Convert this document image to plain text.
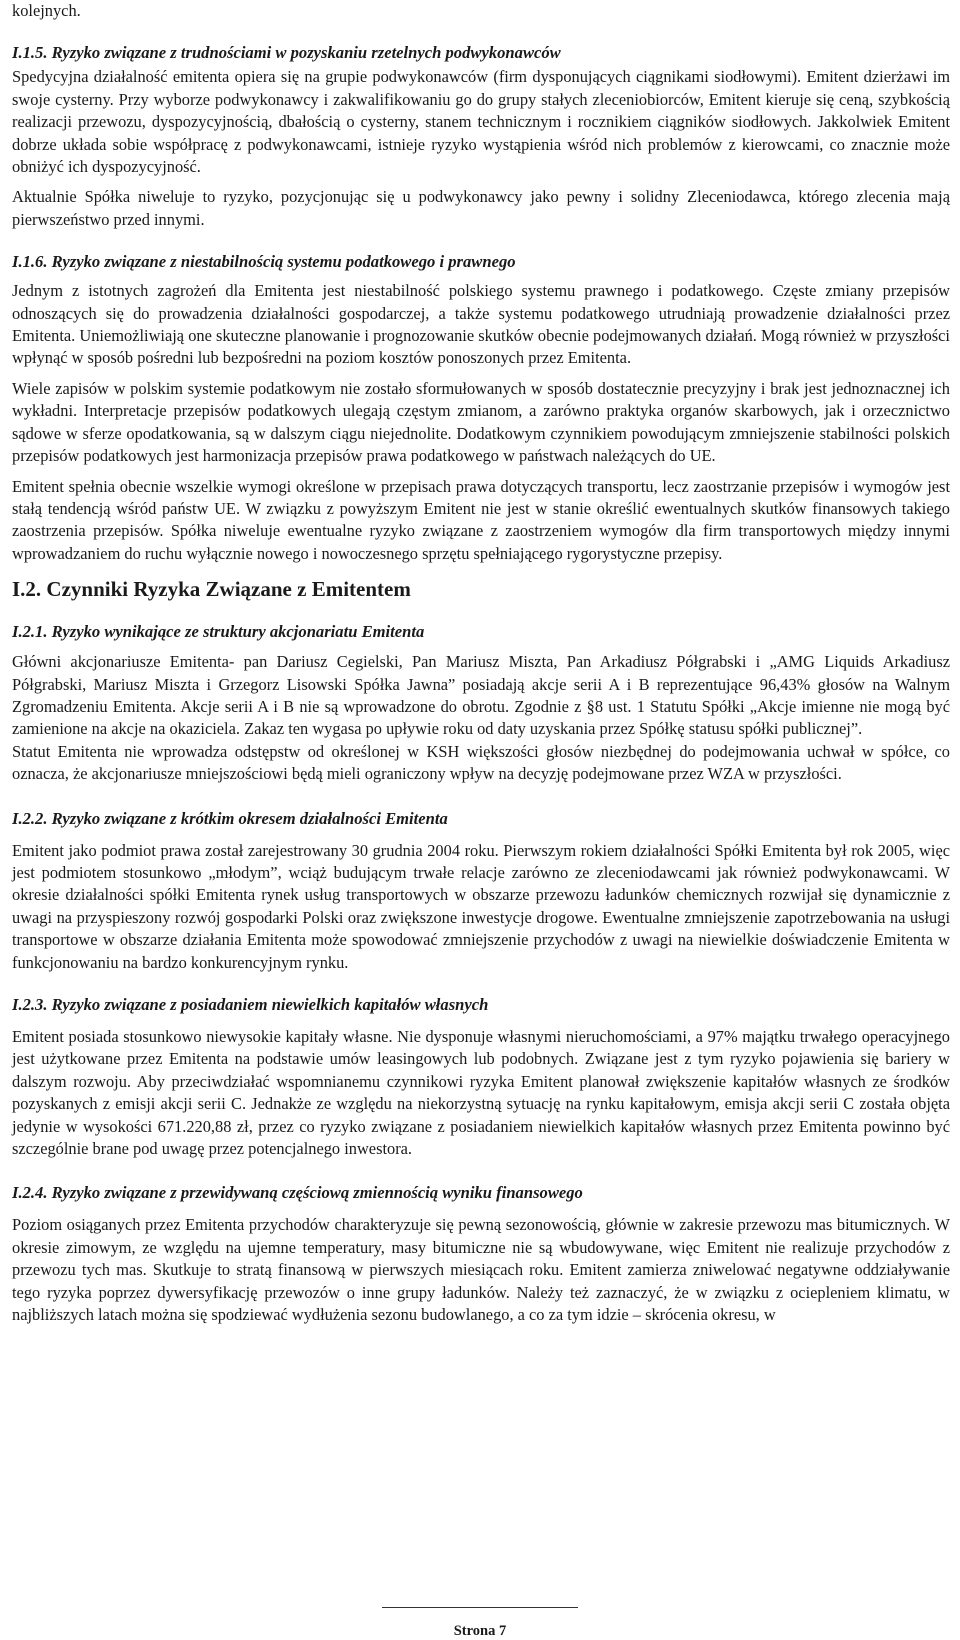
kolejnych.

I.1.5. Ryzyko związane z trudnościami w pozyskaniu rzetelnych podwykonawców

Spedycyjna działalność emitenta opiera się na grupie podwykonawców (firm dysponujących ciągnikami siodłowymi). Emitent dzierżawi im swoje cysterny. Przy wyborze podwykonawcy i zakwalifikowaniu go do grupy stałych zleceniobiorców, Emitent kieruje się ceną, szybkością realizacji przewozu, dyspozycyjnością, dbałością o cysterny, stanem technicznym i rocznikiem ciągników siodłowych. Jakkolwiek Emitent dobrze układa sobie współpracę z podwykonawcami, istnieje ryzyko wystąpienia wśród nich problemów z kierowcami, co znacznie może obniżyć ich dyspozycyjność.

Aktualnie Spółka niweluje to ryzyko, pozycjonując się u podwykonawcy jako pewny i solidny Zleceniodawca, którego zlecenia mają pierwszeństwo przed innymi.

I.1.6. Ryzyko związane z niestabilnością systemu podatkowego i prawnego

Jednym z istotnych zagrożeń dla Emitenta jest niestabilność polskiego systemu prawnego i podatkowego. Częste zmiany przepisów odnoszących się do prowadzenia działalności gospodarczej, a także systemu podatkowego utrudniają prowadzenie działalności przez Emitenta. Uniemożliwiają one skuteczne planowanie i prognozowanie skutków obecnie podejmowanych działań. Mogą również w przyszłości wpłynąć w sposób pośredni lub bezpośredni na poziom kosztów ponoszonych przez Emitenta.

Wiele zapisów w polskim systemie podatkowym nie zostało sformułowanych w sposób dostatecznie precyzyjny i brak jest jednoznacznej ich wykładni. Interpretacje przepisów podatkowych ulegają częstym zmianom, a zarówno praktyka organów skarbowych, jak i orzecznictwo sądowe w sferze opodatkowania, są w dalszym ciągu niejednolite. Dodatkowym czynnikiem powodującym zmniejszenie stabilności polskich przepisów podatkowych jest harmonizacja przepisów prawa podatkowego w państwach należących do UE.

Emitent spełnia obecnie wszelkie wymogi określone w przepisach prawa dotyczących transportu, lecz zaostrzanie przepisów i wymogów jest stałą tendencją wśród państw UE. W związku z powyższym Emitent nie jest w stanie określić ewentualnych skutków finansowych takiego zaostrzenia przepisów. Spółka niweluje ewentualne ryzyko związane z zaostrzeniem wymogów dla firm transportowych między innymi wprowadzaniem do ruchu wyłącznie nowego i nowoczesnego sprzętu spełniającego rygorystyczne przepisy.

I.2. Czynniki Ryzyka Związane z Emitentem
I.2.1. Ryzyko wynikające ze struktury akcjonariatu Emitenta

Główni akcjonariusze Emitenta- pan Dariusz Cegielski, Pan Mariusz Miszta, Pan Arkadiusz Półgrabski i „AMG Liquids Arkadiusz Półgrabski, Mariusz Miszta i Grzegorz Lisowski Spółka Jawna” posiadają akcje serii A i B reprezentujące 96,43% głosów na Walnym Zgromadzeniu Emitenta. Akcje serii A i B nie są wprowadzone do obrotu. Zgodnie z §8 ust. 1 Statutu Spółki „Akcje imienne nie mogą być zamienione na akcje na okaziciela. Zakaz ten wygasa po upływie roku od daty uzyskania przez Spółkę statusu spółki publicznej”.

Statut Emitenta nie wprowadza odstępstw od określonej w KSH większości głosów niezbędnej do podejmowania uchwał w spółce, co oznacza, że akcjonariusze mniejszościowi będą mieli ograniczony wpływ na decyzję podejmowane przez WZA w przyszłości.

I.2.2. Ryzyko związane z krótkim okresem działalności Emitenta

Emitent jako podmiot prawa został zarejestrowany 30 grudnia 2004 roku. Pierwszym rokiem działalności Spółki Emitenta był rok 2005, więc jest podmiotem stosunkowo „młodym”, wciąż budującym trwałe relacje zarówno ze zleceniodawcami jak również podwykonawcami. W okresie działalności spółki Emitenta rynek usług transportowych w obszarze przewozu ładunków chemicznych rozwijał się dynamicznie z uwagi na przyspieszony rozwój gospodarki Polski oraz zwiększone inwestycje drogowe. Ewentualne zmniejszenie zapotrzebowania na usługi transportowe w obszarze działania Emitenta może spowodować zmniejszenie przychodów z uwagi na niewielkie doświadczenie Emitenta w funkcjonowaniu na bardzo konkurencyjnym rynku.

I.2.3. Ryzyko związane z posiadaniem niewielkich kapitałów własnych

Emitent posiada stosunkowo niewysokie kapitały własne. Nie dysponuje własnymi nieruchomościami, a 97% majątku trwałego operacyjnego jest użytkowane przez Emitenta na podstawie umów leasingowych lub podobnych. Związane jest z tym ryzyko pojawienia się bariery w dalszym rozwoju. Aby przeciwdziałać wspomnianemu czynnikowi ryzyka Emitent planował zwiększenie kapitałów własnych ze środków pozyskanych z emisji akcji serii C. Jednakże ze względu na niekorzystną sytuację na rynku kapitałowym, emisja akcji serii C została objęta jedynie w wysokości 671.220,88 zł, przez co ryzyko związane z posiadaniem niewielkich kapitałów własnych przez Emitenta powinno być szczególnie brane pod uwagę przez potencjalnego inwestora.

I.2.4. Ryzyko związane z przewidywaną częściową zmiennością wyniku finansowego

Poziom osiąganych przez Emitenta przychodów charakteryzuje się pewną sezonowością, głównie w zakresie przewozu mas bitumicznych. W okresie zimowym, ze względu na ujemne temperatury, masy bitumiczne nie są wbudowywane, więc Emitent nie realizuje przychodów z przewozu tych mas. Skutkuje to stratą finansową w pierwszych miesiącach roku. Emitent zamierza zniwelować negatywne oddziaływanie tego ryzyka poprzez dywersyfikację przewozów o inne grupy ładunków. Należy też zaznaczyć, że w związku z ociepleniem klimatu, w najbliższych latach można się spodziewać wydłużenia sezonu budowlanego, a co za tym idzie – skrócenia okresu, w

Strona 7
